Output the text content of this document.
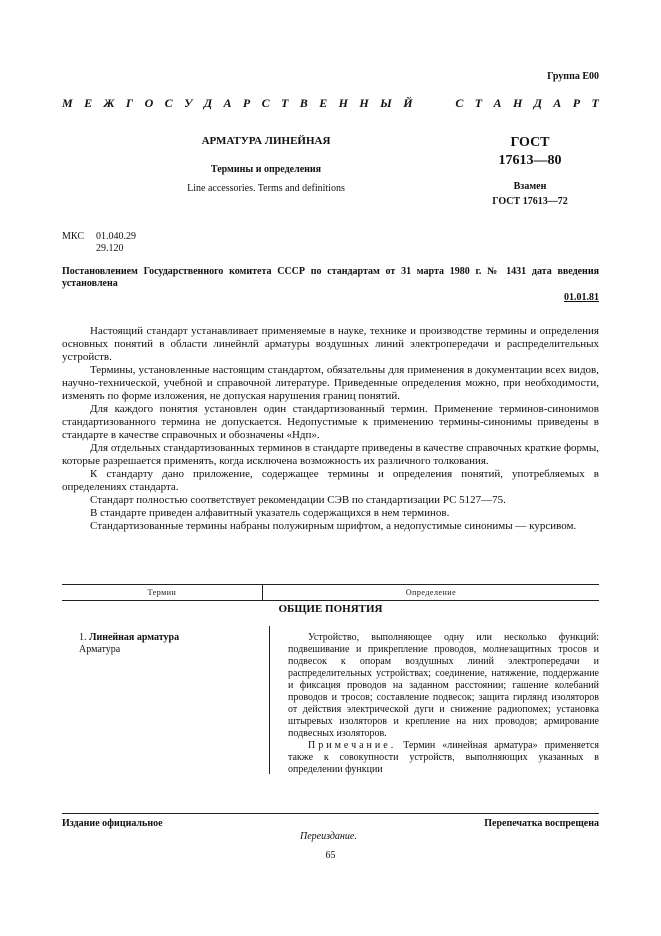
Группа Е00
М Е Ж Г О С У Д А Р С Т В Е Н Н Ы Й	С Т А Н Д А Р Т
АРМАТУРА ЛИНЕЙНАЯ
Термины и определения
Line accessories. Terms and definitions
ГОСТ
17613—80
Взамен
ГОСТ 17613—72
МКС 01.040.29
29.120
Постановлением Государственного комитета СССР по стандартам от 31 марта 1980 г. № 1431 дата введения установлена
01.01.81

Настоящий стандарт устанавливает применяемые в науке, технике и производстве термины и определения основных понятий в области линейнлй арматуры воздушных линий электропередачи и распределительных устройств.

Термины, установленные настоящим стандартом, обязательны для применения в документации всех видов, научно-технической, учебной и справочной литературе. Приведенные определения можно, при необходимости, изменять по форме изложения, не допуская нарушения границ понятий.

Для каждого понятия установлен один стандартизованный термин. Применение терминов-синонимов стандартизованного термина не допускается. Недопустимые к применению термины-синонимы приведены в стандарте в качестве справочных и обозначены «Ндп».

Для отдельных стандартизованных терминов в стандарте приведены в качестве справочных краткие формы, которые разрешается применять, когда исключена возможность их различного толкования.

К стандарту дано приложение, содержащее термины и определения понятий, употребляемых в определениях стандарта.

Стандарт полностью соответствует рекомендации СЭВ по стандартизации РС 5127—75.

В стандарте приведен алфавитный указатель содержащихся в нем терминов.

Стандартизованные термины набраны полужирным шрифтом, а недопустимые синонимы — курсивом.

Термин	Определение
ОБЩИЕ ПОНЯТИЯ
1. Линейная арматура
Арматура

Устройство, выполняющее одну или несколько функций: подвешивание и прикрепление проводов, молнезащитных тросов и подвесок к опорам воздушных линий электропередачи и распределительных устройствах; соединение, натяжение, поддержание и фиксация проводов на заданном расстоянии; гашение колебаний проводов и тросов; составление подвесок; защита гирлянд изоляторов от действия электрической дуги и снижение радиопомех; установка штыревых изоляторов и крепление на них проводов; армирование подвесных изоляторов.

Примечание. Термин «линейная арматура» применяется также к совокупности устройств, выполняющих указанных в определении функции

Издание официальное	Перепечатка воспрещена
Переиздание.
65
